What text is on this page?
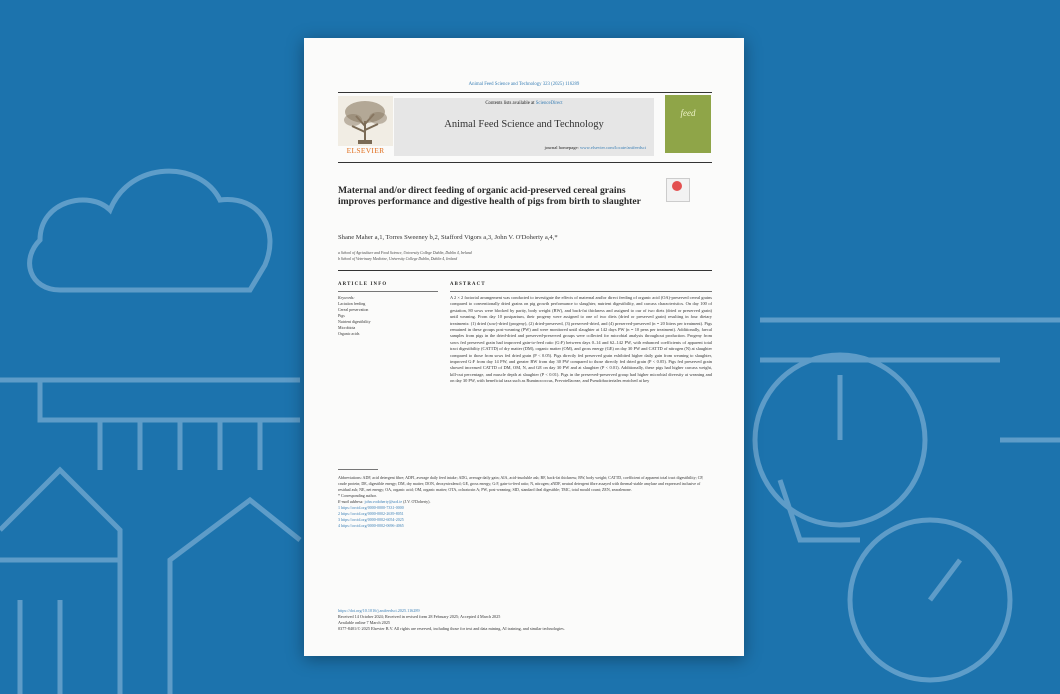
Animal Feed Science and Technology 323 (2025) 116289
ELSEVIER
Contents lists available at ScienceDirect
Animal Feed Science and Technology
journal homepage: www.elsevier.com/locate/anifeedsci
feed
Maternal and/or direct feeding of organic acid-preserved cereal grains improves performance and digestive health of pigs from birth to slaughter
Shane Maher a,1, Torres Sweeney b,2, Stafford Vigors a,3, John V. O'Doherty a,4,*
a School of Agriculture and Food Science, University College Dublin, Dublin 4, Ireland
b School of Veterinary Medicine, University College Dublin, Dublin 4, Ireland
ARTICLE INFO
Keywords:
Lactation feeding
Cereal preservation
Pigs
Nutrient digestibility
Microbiota
Organic acids
ABSTRACT
A 2 × 2 factorial arrangement was conducted to investigate the effects of maternal and/or direct feeding of organic acid (OA)-preserved cereal grains compared to conventionally dried grains on pig growth performance to slaughter, nutrient digestibility, and carcass characteristics. On day 100 of gestation, 80 sows were blocked by parity, body weight (BW), and back-fat thickness and assigned to our of two diets (dried or preserved grain) until weaning. From day 10 postpartum, their progeny were assigned to one of two diets (dried or preserved grain) resulting in four dietary treatments: (1) dried (sow)-dried (progeny), (2) dried-preserved, (3) preserved-dried, and (4) preserved-preserved (n = 20 litters per treatment). Pigs remained in these groups post-weaning (PW) and were monitored until slaughter at 142 days PW (n = 10 pens per treatment). Additionally, faecal samples from pigs in the dried-dried and preserved-preserved groups were collected for microbial analysis throughout production. Progeny from sows fed preserved grain had improved gain-to-feed ratio (G:F) between days 0–14 and 62–142 PW, with enhanced coefficients of apparent total tract digestibility (CATTD) of dry matter (DM), organic matter (OM), and gross energy (GE) on day 30 PW and CATTD of nitrogen (N) at slaughter compared to those from sows fed dried grain (P < 0.05). Pigs directly fed preserved grain exhibited higher daily gain from weaning to slaughter, improved G:F from day 14 PW, and greater BW from day 30 PW compared to those directly fed dried grain (P < 0.05). Pigs fed preserved grain showed increased CATTD of DM, OM, N, and GE on day 30 PW and at slaughter (P < 0.01). Additionally, these pigs had higher carcass weight, kill-out percentage, and muscle depth at slaughter (P < 0.01). Pigs in the preserved-preserved group had higher microbial diversity at weaning and on day 30 PW, with beneficial taxa such as Ruminococcus, Prevotellaceae, and Pseudobacteriales enriched at key
Abbreviations: ADF, acid detergent fibre; ADFI, average daily feed intake; ADG, average daily gain; AIA, acid-insoluble ash; BF, back-fat thickness; BW, body weight; CATTD, coefficient of apparent total tract digestibility; CP, crude protein; DE, digestible energy; DM, dry matter; DON, deoxynivalenol; GE, gross energy; G:F, gain-to-feed ratio; N, nitrogen; aNDF, neutral detergent fibre assayed with thermal-stable amylase and expressed inclusive of residual ash; NE, net energy; OA, organic acid; OM, organic matter; OTA, ochratoxin A; PW, post-weaning; SID, standard ileal digestible; TMC, total mould count; ZEN, zearalenone.
* Corresponding author.
E-mail address: john.vodoherty@ucd.ie (J.V. O'Doherty).
1 https://orcid.org/0000-0000-7331-0000
2 https://orcid.org/0000-0002-2639-8051
3 https://orcid.org/0000-0002-6054-2025
4 https://orcid.org/0000-0002-0696-4065
https://doi.org/10.1016/j.anifeedsci.2025.116289
Received 14 October 2024; Received in revised form 28 February 2025; Accepted 4 March 2025
Available online 7 March 2025
0377-8401/© 2025 Elsevier B.V. All rights are reserved, including those for text and data mining, AI training, and similar technologies.
